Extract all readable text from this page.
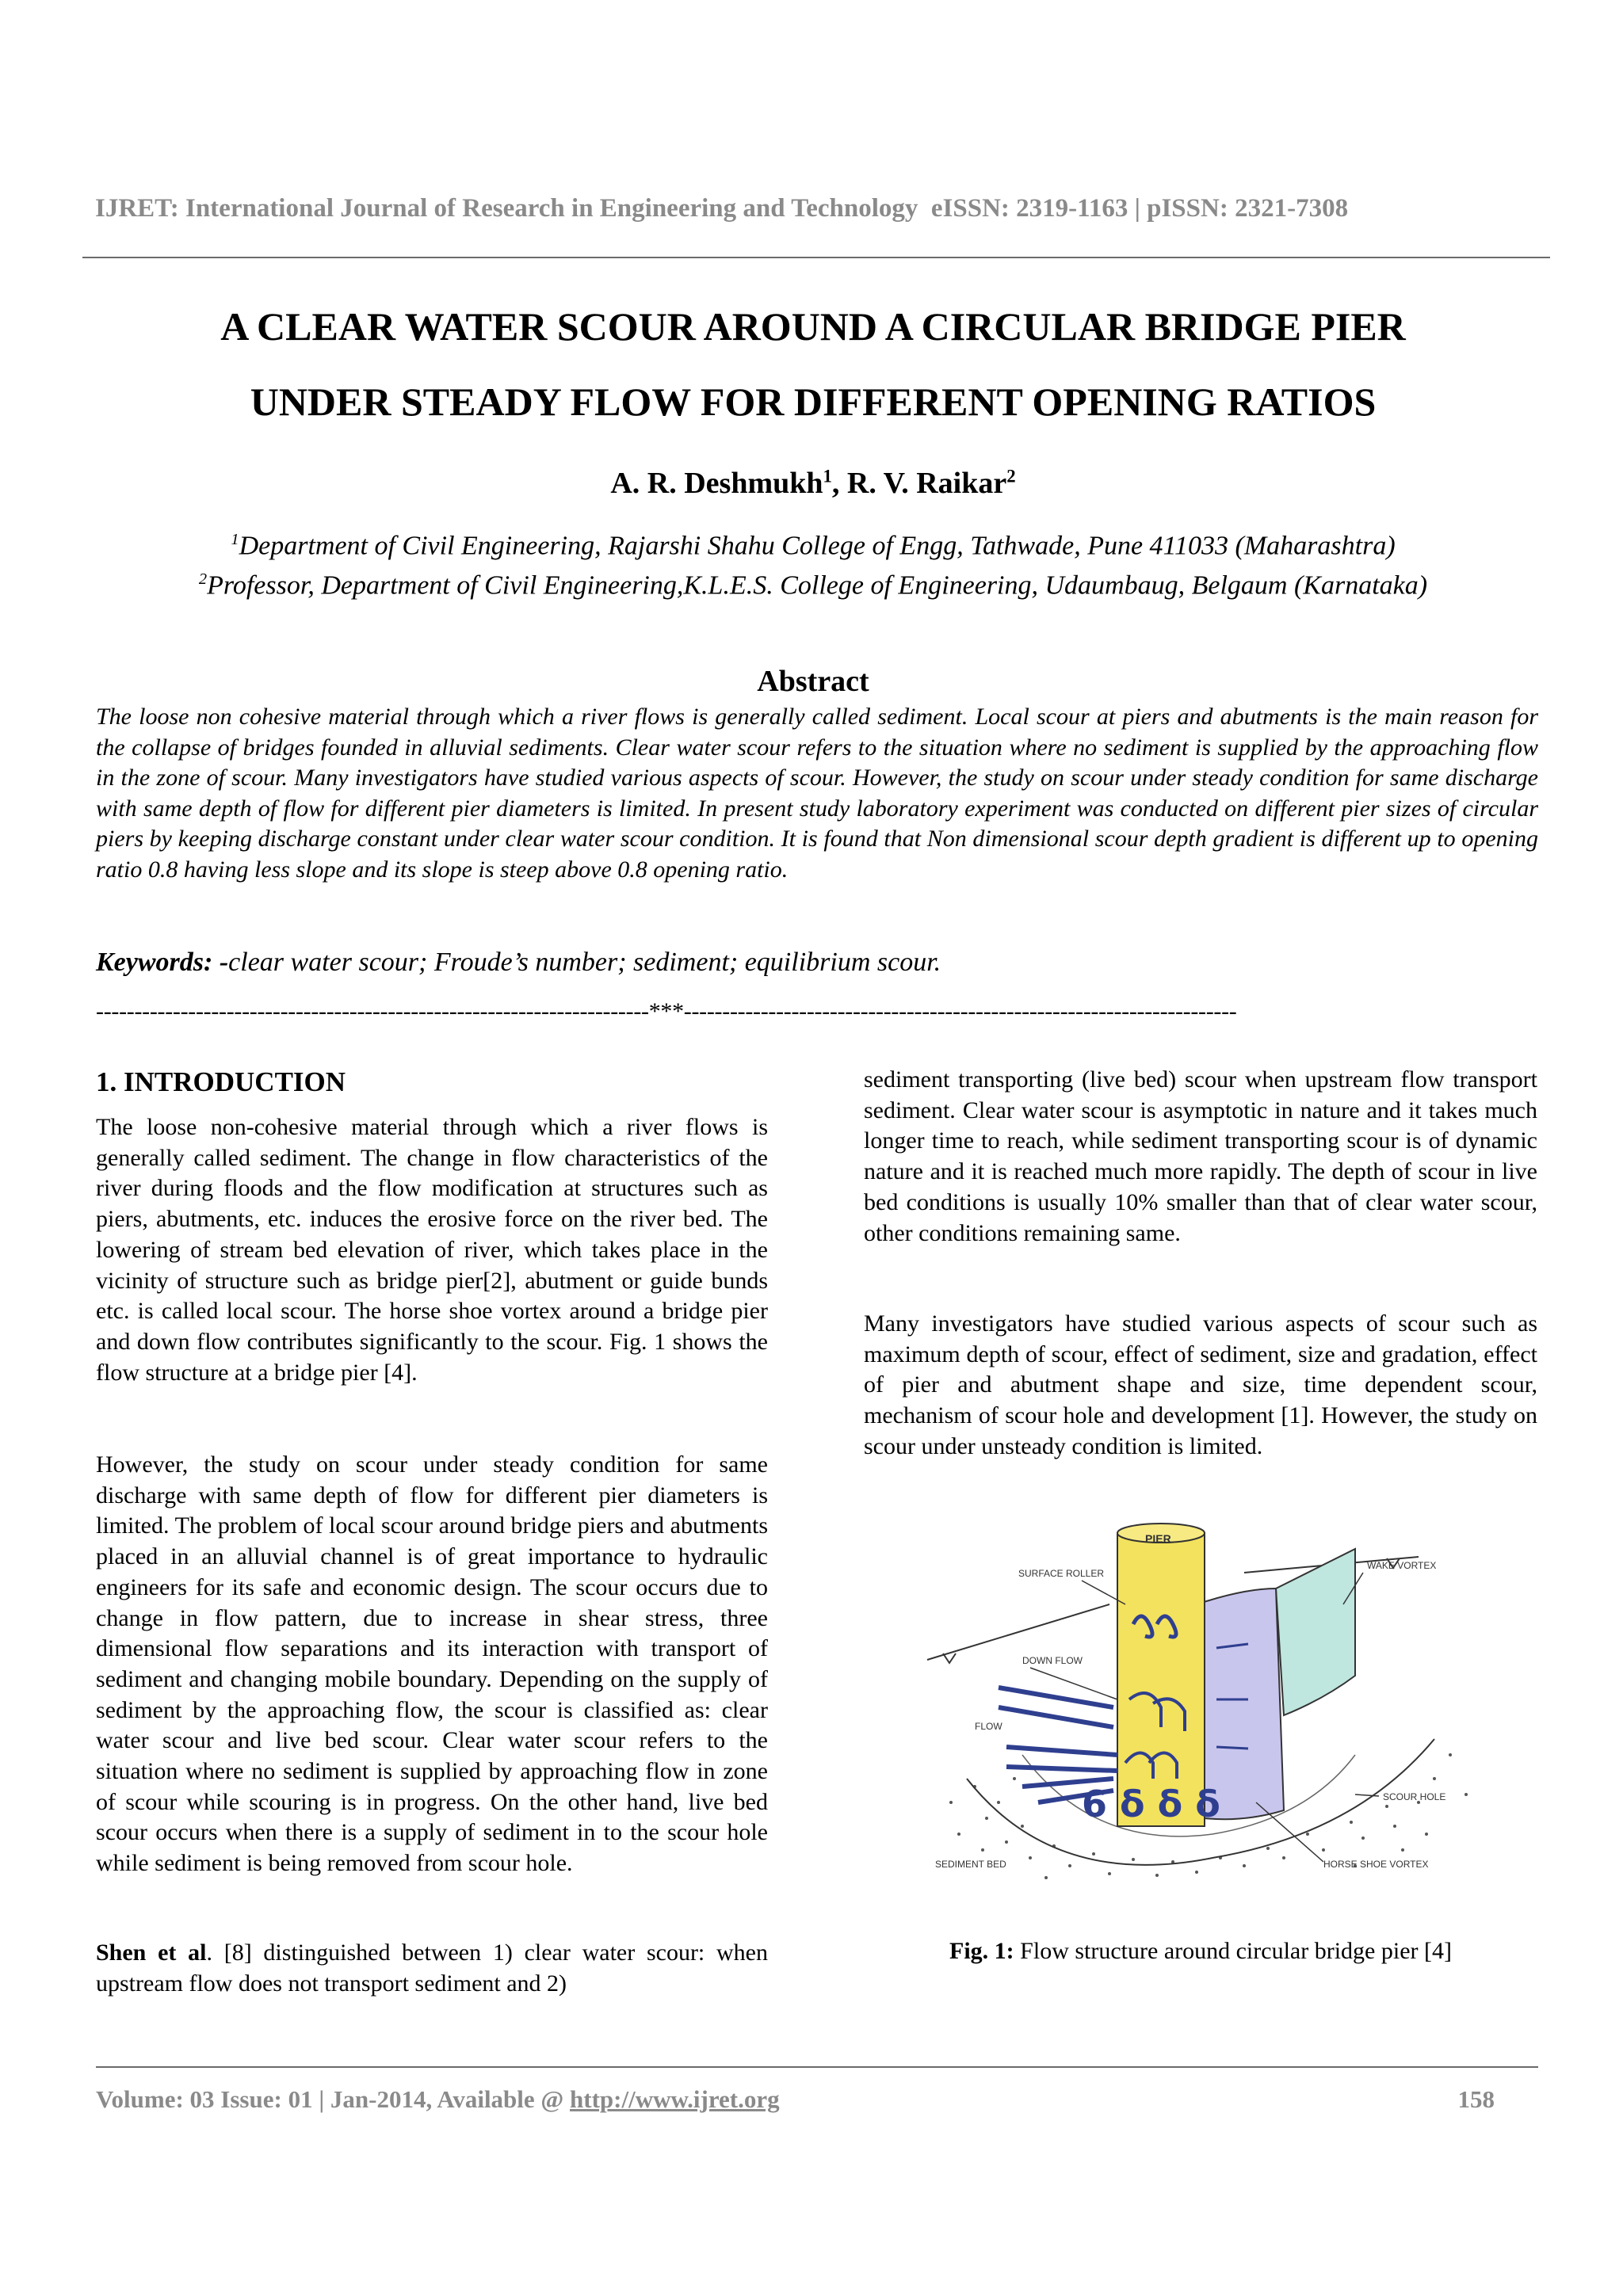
IJRET: International Journal of Research in Engineering and Technology eISSN: 2319-1163 | pISSN: 2321-7308
A CLEAR WATER SCOUR AROUND A CIRCULAR BRIDGE PIER
UNDER STEADY FLOW FOR DIFFERENT OPENING RATIOS
A. R. Deshmukh$^1$, R. V. Raikar$^2$
$^1$Department of Civil Engineering, Rajarshi Shahu College of Engg, Tathwade, Pune 411033 (Maharashtra)
$^2$Professor, Department of Civil Engineering,K.L.E.S. College of Engineering, Udaumbaug, Belgaum (Karnataka)
Abstract
The loose non cohesive material through which a river flows is generally called sediment. Local scour at piers and abutments is the main reason for the collapse of bridges founded in alluvial sediments. Clear water scour refers to the situation where no sediment is supplied by the approaching flow in the zone of scour. Many investigators have studied various aspects of scour. However, the study on scour under steady condition for same discharge with same depth of flow for different pier diameters is limited. In present study laboratory experiment was conducted on different pier sizes of circular piers by keeping discharge constant under clear water scour condition. It is found that Non dimensional scour depth gradient is different up to opening ratio 0.8 having less slope and its slope is steep above 0.8 opening ratio.
Keywords: -clear water scour; Froude’s number; sediment; equilibrium scour.
------------------------------------------------------------------------***------------------------------------------------------------------------
1. INTRODUCTION
The loose non-cohesive material through which a river flows is generally called sediment. The change in flow characteristics of the river during floods and the flow modification at structures such as piers, abutments, etc. induces the erosive force on the river bed. The lowering of stream bed elevation of river, which takes place in the vicinity of structure such as bridge pier[2], abutment or guide bunds etc. is called local scour. The horse shoe vortex around a bridge pier and down flow contributes significantly to the scour. Fig. 1 shows the flow structure at a bridge pier [4].
However, the study on scour under steady condition for same discharge with same depth of flow for different pier diameters is limited. The problem of local scour around bridge piers and abutments placed in an alluvial channel is of great importance to hydraulic engineers for its safe and economic design. The scour occurs due to change in flow pattern, due to increase in shear stress, three dimensional flow separations and its interaction with transport of sediment and changing mobile boundary. Depending on the supply of sediment by the approaching flow, the scour is classified as: clear water scour and live bed scour. Clear water scour refers to the situation where no sediment is supplied by approaching flow in zone of scour while scouring is in progress. On the other hand, live bed scour occurs when there is a supply of sediment in to the scour hole while sediment is being removed from scour hole.
Shen et al. [8] distinguished between 1) clear water scour: when upstream flow does not transport sediment and 2)
sediment transporting (live bed) scour when upstream flow transport sediment. Clear water scour is asymptotic in nature and it takes much longer time to reach, while sediment transporting scour is of dynamic nature and it is reached much more rapidly. The depth of scour in live bed conditions is usually 10% smaller than that of clear water scour, other conditions remaining same.
Many investigators have studied various aspects of scour such as maximum depth of scour, effect of sediment, size and gradation, effect of pier and abutment shape and size, time dependent scour, mechanism of scour hole and development [1]. However, the study on scour under unsteady condition is limited.
PIER
6 δ δ δ
SURFACE ROLLER
WAKE VORTEX
DOWN FLOW
FLOW
SCOUR HOLE
SEDIMENT BED	HORSE SHOE VORTEX
Fig. 1: Flow structure around circular bridge pier [4]
Volume: 03 Issue: 01 | Jan-2014, Available @ http://www.ijret.org	158
